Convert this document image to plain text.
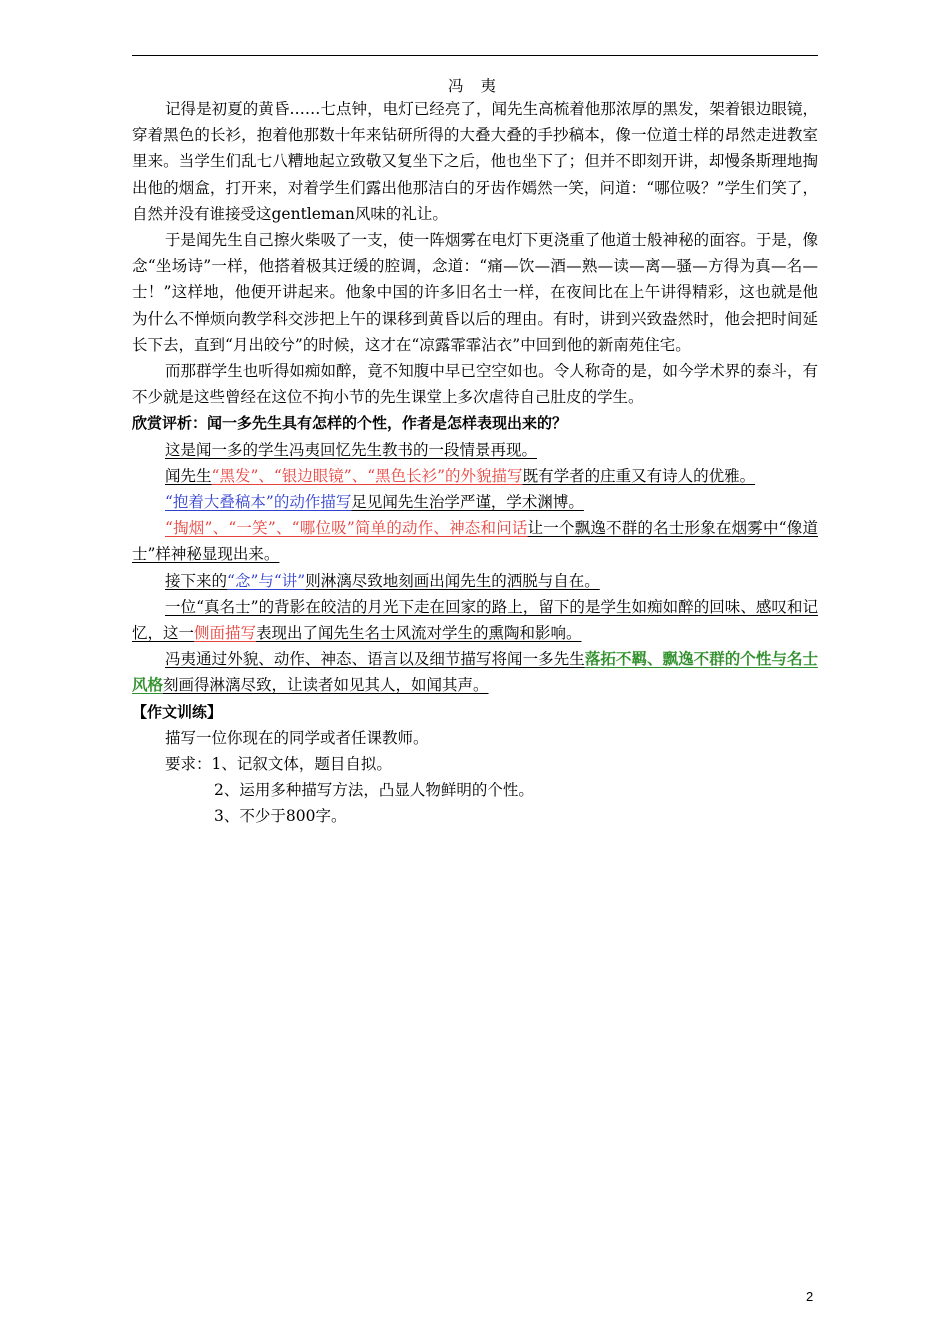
冯 夷

记得是初夏的黄昏……七点钟，电灯已经亮了，闻先生高梳着他那浓厚的黑发，架着银边眼镜，穿着黑色的长衫，抱着他那数十年来钻研所得的大叠大叠的手抄稿本，像一位道士样的昂然走进教室里来。当学生们乱七八糟地起立致敬又复坐下之后，他也坐下了；但并不即刻开讲，却慢条斯理地掏出他的烟盒，打开来，对着学生们露出他那洁白的牙齿作嫣然一笑，问道：“哪位吸？”学生们笑了，自然并没有谁接受这gentleman风味的礼让。

于是闻先生自己擦火柴吸了一支，使一阵烟雾在电灯下更浇重了他道士般神秘的面容。于是，像念“坐场诗”一样，他搭着极其迂缓的腔调，念道：“痛—饮—酒—熟—读—离—骚—方得为真—名—士！”这样地，他便开讲起来。他象中国的许多旧名士一样，在夜间比在上午讲得精彩，这也就是他为什么不惮烦向教学科交涉把上午的课移到黄昏以后的理由。有时，讲到兴致盎然时，他会把时间延长下去，直到“月出皎兮”的时候，这才在“凉露霏霏沾衣”中回到他的新南苑住宅。

而那群学生也听得如痴如醉，竟不知腹中早已空空如也。令人称奇的是，如今学术界的泰斗，有不少就是这些曾经在这位不拘小节的先生课堂上多次虐待自己肚皮的学生。

欣赏评析：闻一多先生具有怎样的个性，作者是怎样表现出来的？

这是闻一多的学生冯夷回忆先生教书的一段情景再现。

闻先生“黑发”、“银边眼镜”、“黑色长衫”的外貌描写既有学者的庄重又有诗人的优雅。

“抱着大叠稿本”的动作描写足见闻先生治学严谨，学术渊博。

“掏烟”、“一笑”、“哪位吸”简单的动作、神态和问话让一个飘逸不群的名士形象在烟雾中“像道士”样神秘显现出来。

接下来的“念”与“讲”则淋漓尽致地刻画出闻先生的洒脱与自在。

一位“真名士”的背影在皎洁的月光下走在回家的路上，留下的是学生如痴如醉的回味、感叹和记忆，这一侧面描写表现出了闻先生名士风流对学生的熏陶和影响。

冯夷通过外貌、动作、神态、语言以及细节描写将闻一多先生落拓不羁、飘逸不群的个性与名士风格刻画得淋漓尽致，让读者如见其人，如闻其声。

【作文训练】

描写一位你现在的同学或者任课教师。

要求：1、记叙文体，题目自拟。

2、运用多种描写方法，凸显人物鲜明的个性。

3、不少于800字。

2
